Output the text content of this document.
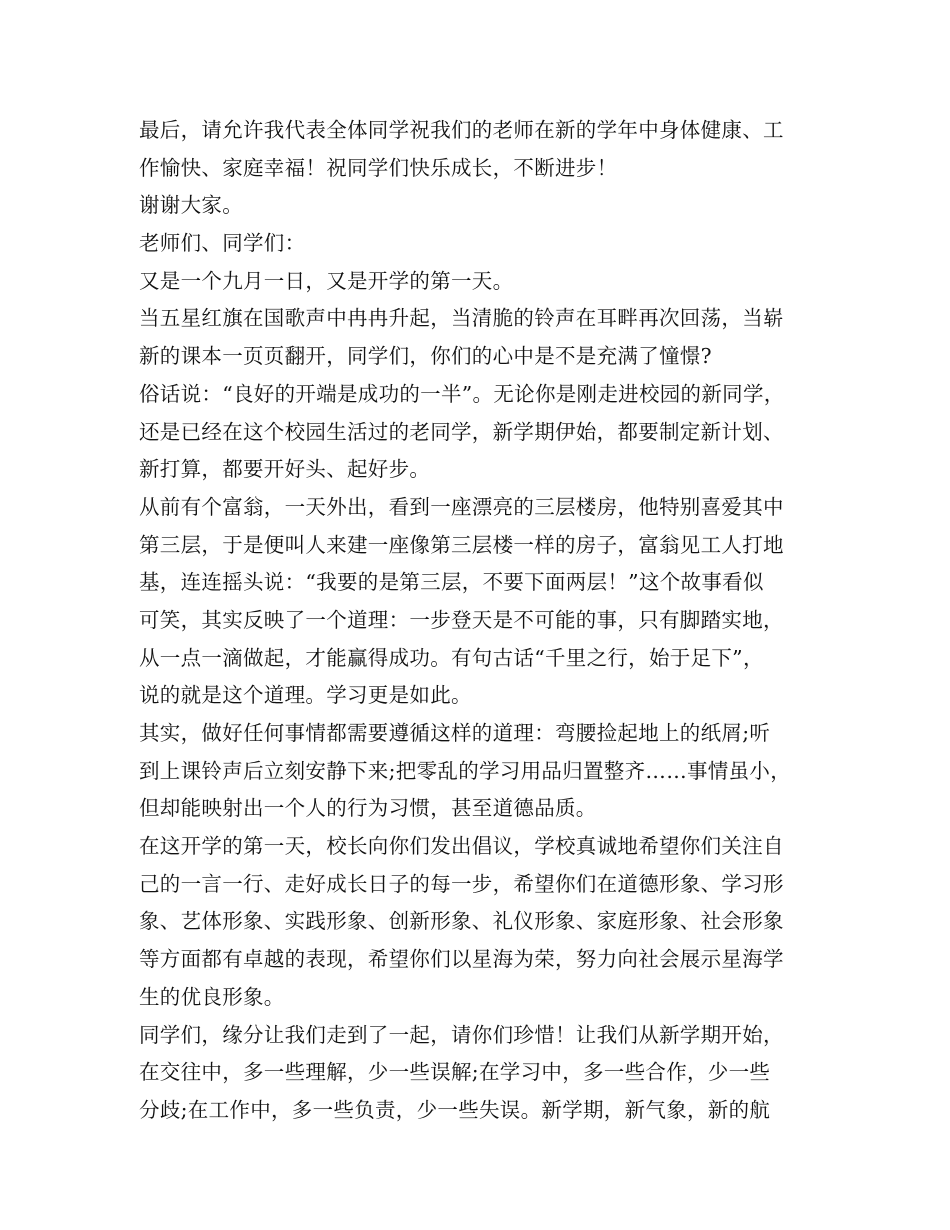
最后，请允许我代表全体同学祝我们的老师在新的学年中身体健康、工
作愉快、家庭幸福！祝同学们快乐成长，不断进步！
谢谢大家。
老师们、同学们：
又是一个九月一日，又是开学的第一天。
当五星红旗在国歌声中冉冉升起，当清脆的铃声在耳畔再次回荡，当崭
新的课本一页页翻开，同学们，你们的心中是不是充满了憧憬?
俗话说：“良好的开端是成功的一半”。无论你是刚走进校园的新同学，
还是已经在这个校园生活过的老同学，新学期伊始，都要制定新计划、
新打算，都要开好头、起好步。
从前有个富翁，一天外出，看到一座漂亮的三层楼房，他特别喜爱其中
第三层，于是便叫人来建一座像第三层楼一样的房子，富翁见工人打地
基，连连摇头说：“我要的是第三层，不要下面两层！”这个故事看似
可笑，其实反映了一个道理：一步登天是不可能的事，只有脚踏实地，
从一点一滴做起，才能赢得成功。有句古话“千里之行，始于足下”，
说的就是这个道理。学习更是如此。
其实，做好任何事情都需要遵循这样的道理：弯腰捡起地上的纸屑;听
到上课铃声后立刻安静下来;把零乱的学习用品归置整齐……事情虽小，
但却能映射出一个人的行为习惯，甚至道德品质。
在这开学的第一天，校长向你们发出倡议，学校真诚地希望你们关注自
己的一言一行、走好成长日子的每一步，希望你们在道德形象、学习形
象、艺体形象、实践形象、创新形象、礼仪形象、家庭形象、社会形象
等方面都有卓越的表现，希望你们以星海为荣，努力向社会展示星海学
生的优良形象。
同学们，缘分让我们走到了一起，请你们珍惜！让我们从新学期开始，
在交往中，多一些理解，少一些误解;在学习中，多一些合作，少一些
分歧;在工作中，多一些负责，少一些失误。新学期，新气象，新的航
